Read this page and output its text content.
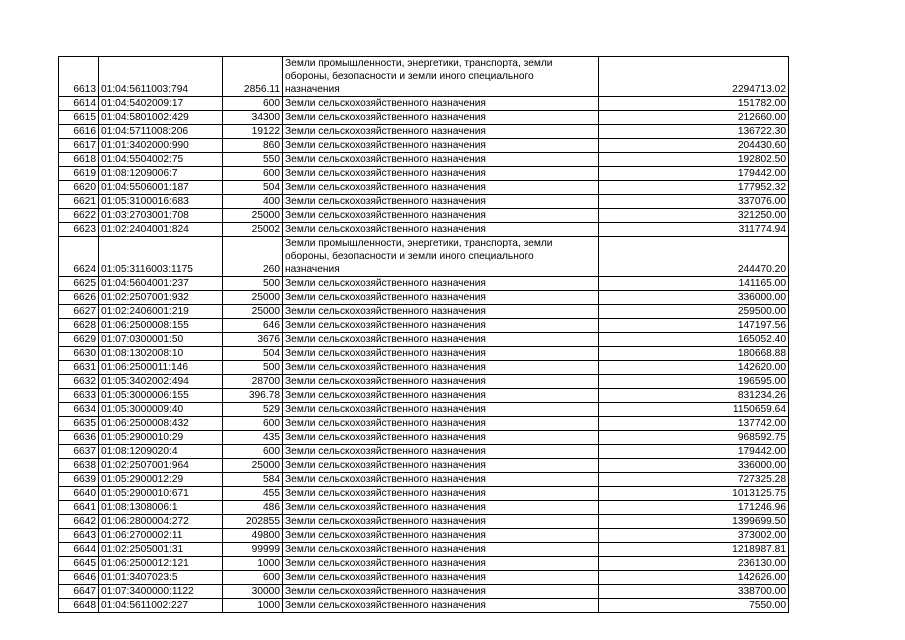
6613	01:04:5611003:794	2856.11	Земли промышленности, энергетики, транспорта, земли
обороны, безопасности и земли иного специального
назначения	2294713.02
6614	01:04:5402009:17	600	Земли сельскохозяйственного назначения	151782.00
6615	01:04:5801002:429	34300	Земли сельскохозяйственного назначения	212660.00
6616	01:04:5711008:206	19122	Земли сельскохозяйственного назначения	136722.30
6617	01:01:3402000:990	860	Земли сельскохозяйственного назначения	204430.60
6618	01:04:5504002:75	550	Земли сельскохозяйственного назначения	192802.50
6619	01:08:1209006:7	600	Земли сельскохозяйственного назначения	179442.00
6620	01:04:5506001:187	504	Земли сельскохозяйственного назначения	177952.32
6621	01:05:3100016:683	400	Земли сельскохозяйственного назначения	337076.00
6622	01:03:2703001:708	25000	Земли сельскохозяйственного назначения	321250.00
6623	01:02:2404001:824	25002	Земли сельскохозяйственного назначения	311774.94
6624	01:05:3116003:1175	260	Земли промышленности, энергетики, транспорта, земли
обороны, безопасности и земли иного специального
назначения	244470.20
6625	01:04:5604001:237	500	Земли сельскохозяйственного назначения	141165.00
6626	01:02:2507001:932	25000	Земли сельскохозяйственного назначения	336000.00
6627	01:02:2406001:219	25000	Земли сельскохозяйственного назначения	259500.00
6628	01:06:2500008:155	646	Земли сельскохозяйственного назначения	147197.56
6629	01:07:0300001:50	3676	Земли сельскохозяйственного назначения	165052.40
6630	01:08:1302008:10	504	Земли сельскохозяйственного назначения	180668.88
6631	01:06:2500011:146	500	Земли сельскохозяйственного назначения	142620.00
6632	01:05:3402002:494	28700	Земли сельскохозяйственного назначения	196595.00
6633	01:05:3000006:155	396.78	Земли сельскохозяйственного назначения	831234.26
6634	01:05:3000009:40	529	Земли сельскохозяйственного назначения	1150659.64
6635	01:06:2500008:432	600	Земли сельскохозяйственного назначения	137742.00
6636	01:05:2900010:29	435	Земли сельскохозяйственного назначения	968592.75
6637	01:08:1209020:4	600	Земли сельскохозяйственного назначения	179442.00
6638	01:02:2507001:964	25000	Земли сельскохозяйственного назначения	336000.00
6639	01:05:2900012:29	584	Земли сельскохозяйственного назначения	727325.28
6640	01:05:2900010:671	455	Земли сельскохозяйственного назначения	1013125.75
6641	01:08:1308006:1	486	Земли сельскохозяйственного назначения	171246.96
6642	01:06:2800004:272	202855	Земли сельскохозяйственного назначения	1399699.50
6643	01:06:2700002:11	49800	Земли сельскохозяйственного назначения	373002.00
6644	01:02:2505001:31	99999	Земли сельскохозяйственного назначения	1218987.81
6645	01:06:2500012:121	1000	Земли сельскохозяйственного назначения	236130.00
6646	01:01:3407023:5	600	Земли сельскохозяйственного назначения	142626.00
6647	01:07:3400000:1122	30000	Земли сельскохозяйственного назначения	338700.00
6648	01:04:5611002:227	1000	Земли сельскохозяйственного назначения	7550.00
